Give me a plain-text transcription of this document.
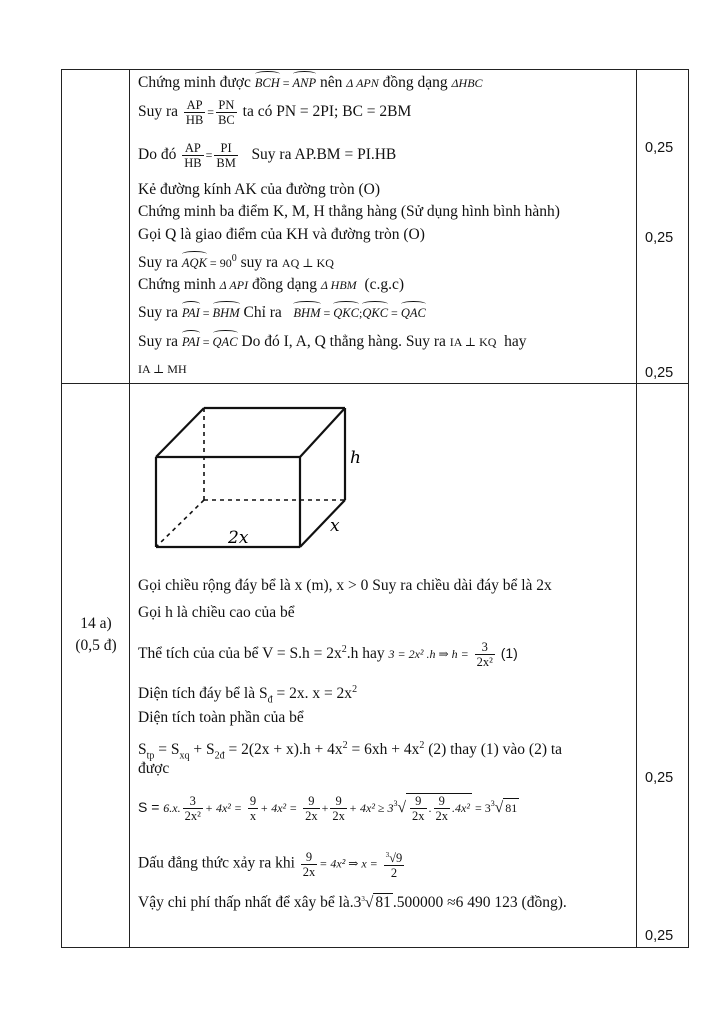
Chứng minh được BCH = ANP nên Δ APN đồng dạng ΔHBC
Suy ra $\frac{AP}{HB} = \frac{PN}{BC}$ ta có PN = 2PI; BC = 2BM
Do đó $\frac{AP}{HB} = \frac{PI}{BM}$ Suy ra AP.BM = PI.HB
Kẻ đường kính AK của đường tròn (O)
Chứng minh ba điểm K, M, H thẳng hàng (Sử dụng hình bình hành)
Gọi Q là giao điểm của KH và đường tròn (O)
Suy ra AQK = $90^0$ suy ra AQ ⊥ KQ
Chứng minh Δ API đồng dạng Δ HBM (c.g.c)
Suy ra PAI = BHM Chỉ ra BHM = QKC;QKC = QAC
Suy ra PAI = QAC Do đó I, A, Q thẳng hàng. Suy ra IA ⊥ KQ hay
IA ⊥ MH
0,25
0,25
0,25
14 a)
(0,5 đ)
h
x
2x
Gọi chiều rộng đáy bể là x (m), x > 0 Suy ra chiều dài đáy bể là 2x
Gọi h là chiều cao của bể
Thể tích của của bể $V = S.h = 2x^2.h$ hay 3 = 2x² .h ⇒ $h = \frac{3}{\text{2x²}} (1)$
Diện tích đáy bể là $S_đ = 2x$. $x = 2x^2$
Diện tích toàn phần của bể
$S_{tp} = S_{xq} + S_{2đ} = 2(2x + x).h + 4x^2 = 6xh + 4x^2$ (2) thay (1) vào (2) ta
được
S = 6.x. $\frac{3}{\text{2x²}} + 4x^2 = \frac{9}{x} + 4x^2 = \frac{9}{2x} + \frac{9}{2x} + 4x^2 \ge 3^3√ \frac{9}{2x}$ . $\frac{9}{2x} .4x^2 = 3^3√$ 81
Dấu đẳng thức xảy ra khi $\frac{9}{2x} = 4x^2$ ⇒ $x = \frac{^3√9}{2}$
Vậy chi phí thấp nhất để xây bể $là.3^3√$ 81 .500000 ≈6 490 123 (đồng).
0,25
0,25
